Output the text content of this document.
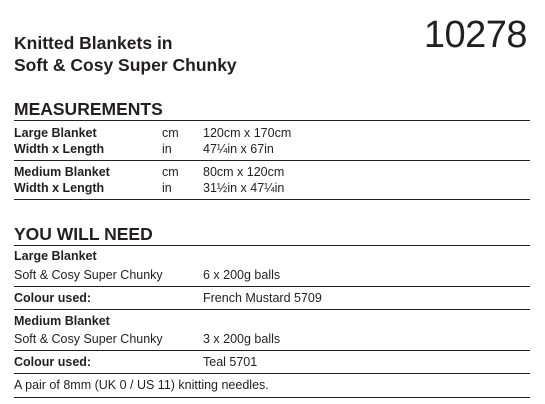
Knitted Blankets in
Soft & Cosy Super Chunky
10278
MEASUREMENTS
Large Blanket	cm 120cm x 170cm
Width x Length	in	47¼in x 67in
Medium Blanket	cm 80cm x 120cm
Width x Length	in	31½in x 47¼in
YOU WILL NEED
Large Blanket
Soft & Cosy Super Chunky	6 x 200g balls
Colour used:	French Mustard 5709
Medium Blanket
Soft & Cosy Super Chunky	3 x 200g balls
Colour used:	Teal 5701
A pair of 8mm (UK 0 / US 11) knitting needles.
